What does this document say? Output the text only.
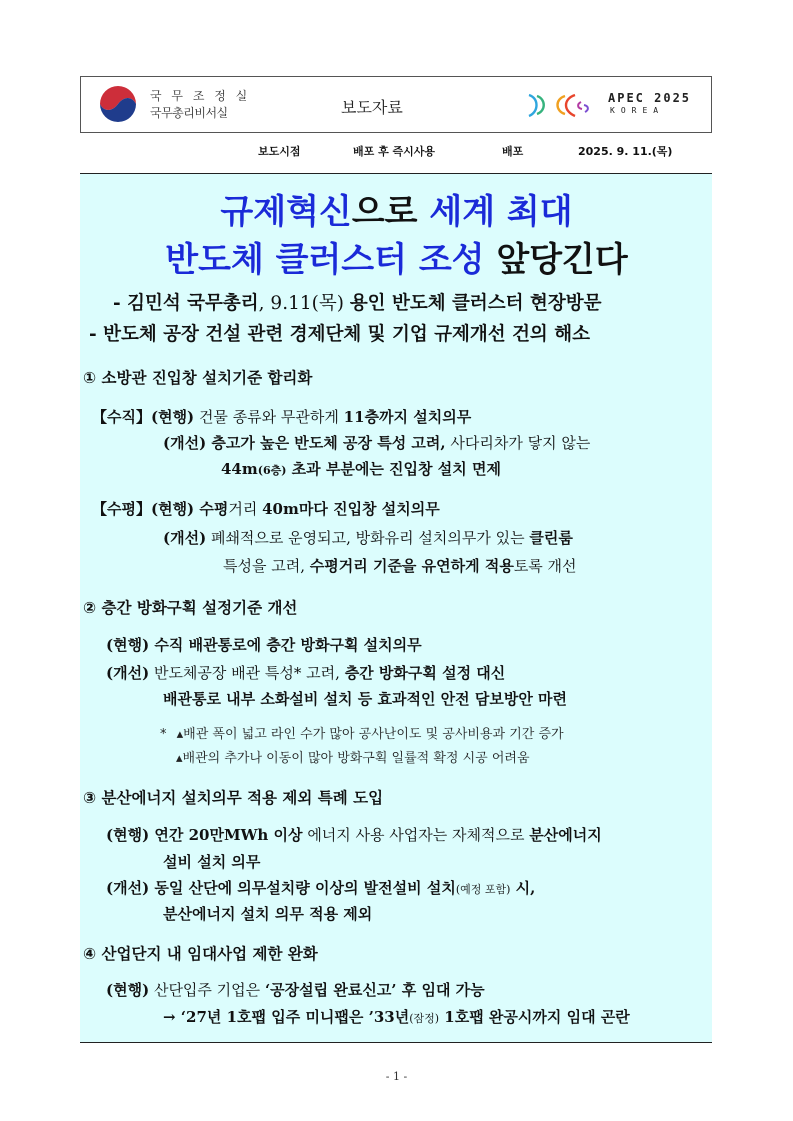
국 무 조 정 실
국무총리비서실	보도자료	APEC 2025
KOREA
보도시점	배포 후 즉시사용	배포	2025. 9. 11.(목)
규제혁신으로 세계 최대
반도체 클러스터 조성 앞당긴다
- 김민석 국무총리, 9.11(목) 용인 반도체 클러스터 현장방문
- 반도체 공장 건설 관련 경제단체 및 기업 규제개선 건의 해소
① 소방관 진입창 설치기준 합리화
【수직】(현행) 건물 종류와 무관하게 11층까지 설치의무
(개선) 층고가 높은 반도체 공장 특성 고려, 사다리차가 닿지 않는
44m(6층) 초과 부분에는 진입창 설치 면제
【수평】(현행) 수평거리 40m마다 진입창 설치의무
(개선) 폐쇄적으로 운영되고, 방화유리 설치의무가 있는 클린룸
특성을 고려, 수평거리 기준을 유연하게 적용토록 개선
② 층간 방화구획 설정기준 개선
(현행) 수직 배관통로에 층간 방화구획 설치의무
(개선) 반도체공장 배관 특성* 고려, 층간 방화구획 설정 대신
배관통로 내부 소화설비 설치 등 효과적인 안전 담보방안 마련
* ▴배관 폭이 넓고 라인 수가 많아 공사난이도 및 공사비용과 기간 증가
▴배관의 추가나 이동이 많아 방화구획 일률적 확정 시공 어려움
③ 분산에너지 설치의무 적용 제외 특례 도입
(현행) 연간 20만MWh 이상 에너지 사용 사업자는 자체적으로 분산에너지
설비 설치 의무
(개선) 동일 산단에 의무설치량 이상의 발전설비 설치(예정 포함) 시,
분산에너지 설치 의무 적용 제외
④ 산업단지 내 임대사업 제한 완화
(현행) 산단입주 기업은 ‘공장설립 완료신고’ 후 임대 가능
→ ‘27년 1호팹 입주 미니팹은 ’33년(잠정) 1호팹 완공시까지 임대 곤란
- 1 -
